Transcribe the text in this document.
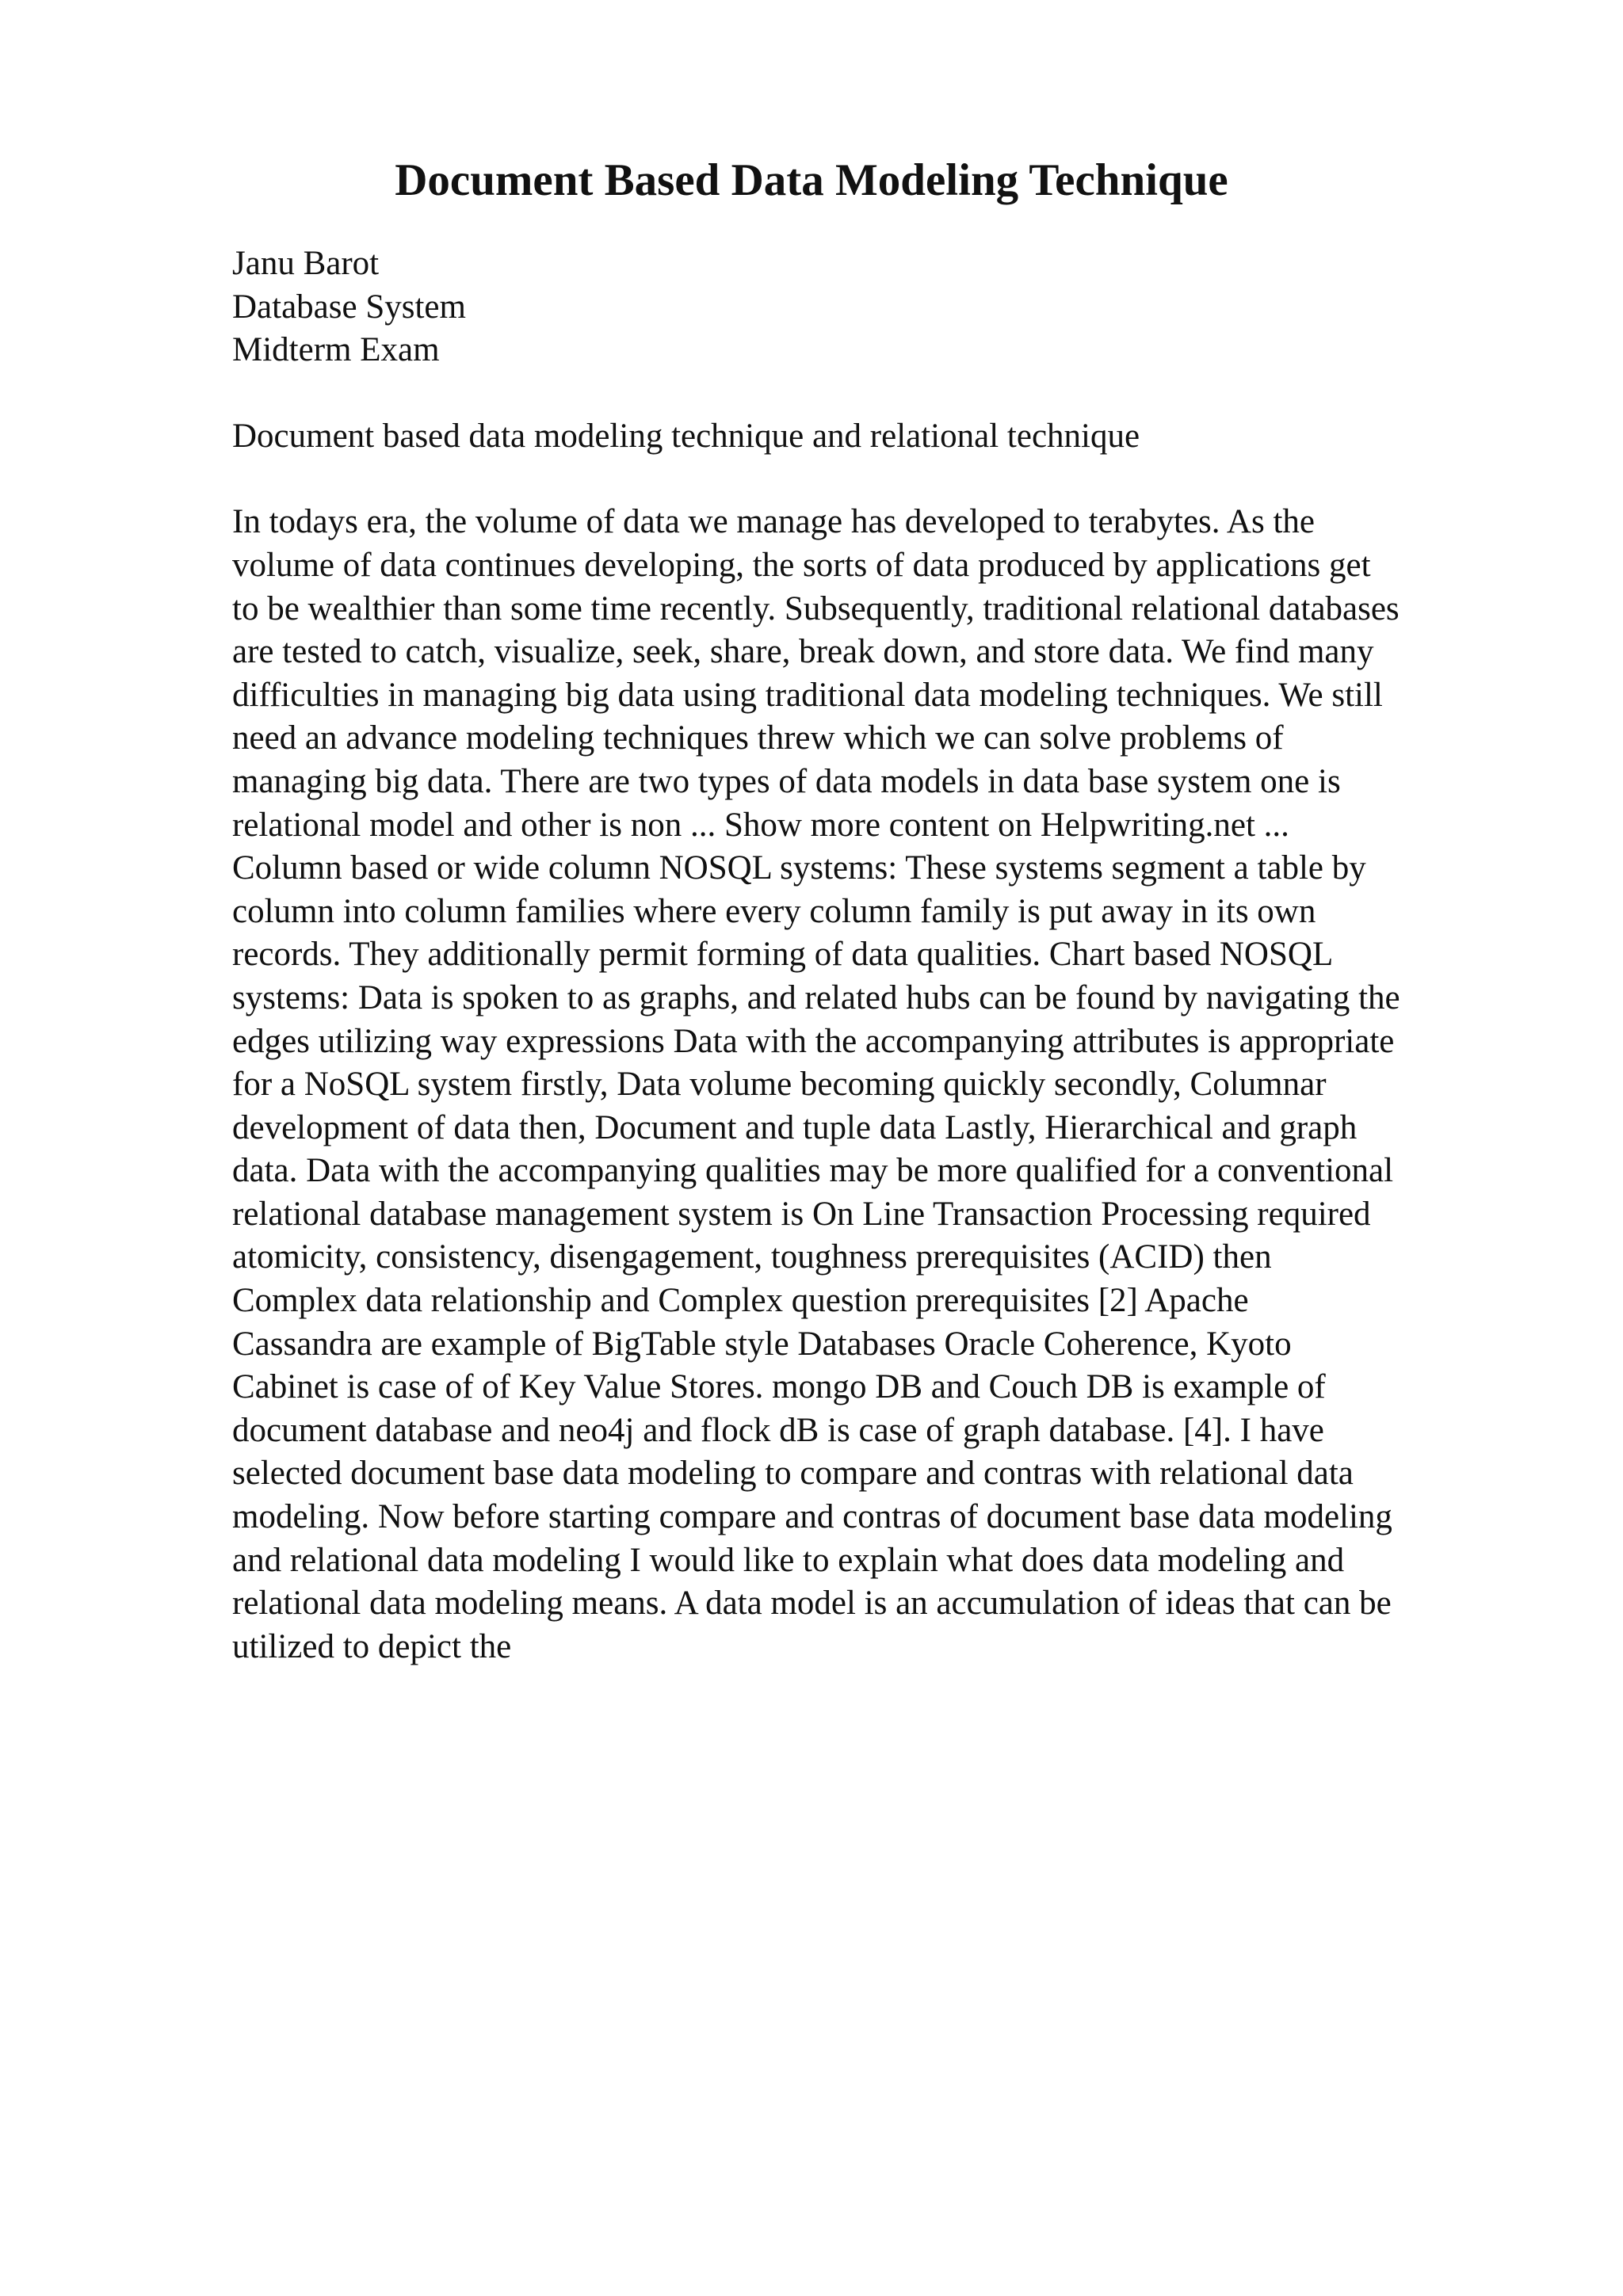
Document Based Data Modeling Technique

Janu Barot
Database System
Midterm Exam

Document based data modeling technique and relational technique

In todays era, the volume of data we manage has developed to terabytes. As the
volume of data continues developing, the sorts of data produced by applications get
to be wealthier than some time recently. Subsequently, traditional relational databases
are tested to catch, visualize, seek, share, break down, and store data. We find many
difficulties in managing big data using traditional data modeling techniques. We still
need an advance modeling techniques threw which we can solve problems of
managing big data. There are two types of data models in data base system one is
relational model and other is non ... Show more content on Helpwriting.net ...
Column based or wide column NOSQL systems: These systems segment a table by
column into column families where every column family is put away in its own
records. They additionally permit forming of data qualities. Chart based NOSQL
systems: Data is spoken to as graphs, and related hubs can be found by navigating the
edges utilizing way expressions Data with the accompanying attributes is appropriate
for a NoSQL system firstly, Data volume becoming quickly secondly, Columnar
development of data then, Document and tuple data Lastly, Hierarchical and graph
data. Data with the accompanying qualities may be more qualified for a conventional
relational database management system is On Line Transaction Processing required
atomicity, consistency, disengagement, toughness prerequisites (ACID) then
Complex data relationship and Complex question prerequisites [2] Apache
Cassandra are example of BigTable style Databases Oracle Coherence, Kyoto
Cabinet is case of of Key Value Stores. mongo DB and Couch DB is example of
document database and neo4j and flock dB is case of graph database. [4]. I have
selected document base data modeling to compare and contras with relational data
modeling. Now before starting compare and contras of document base data modeling
and relational data modeling I would like to explain what does data modeling and
relational data modeling means. A data model is an accumulation of ideas that can be
utilized to depict the
